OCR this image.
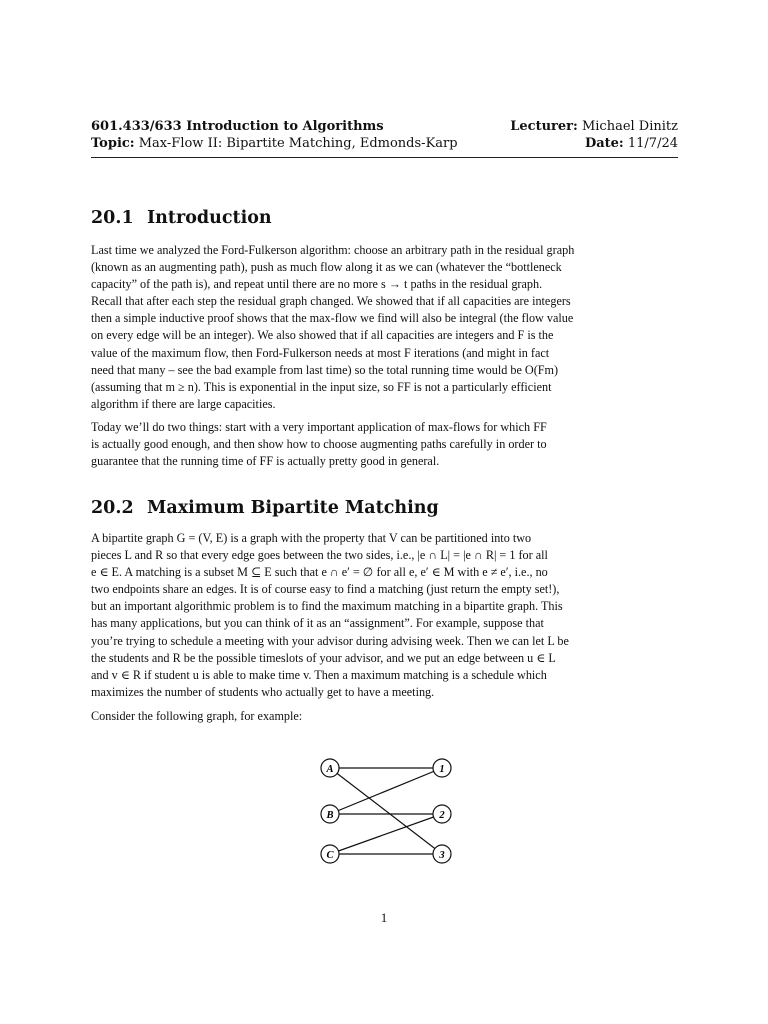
601.433/633 Introduction to Algorithms
Topic: Max-Flow II: Bipartite Matching, Edmonds-Karp
Lecturer: Michael Dinitz
Date: 11/7/24
20.1 Introduction
Last time we analyzed the Ford-Fulkerson algorithm: choose an arbitrary path in the residual graph
(known as an augmenting path), push as much flow along it as we can (whatever the “bottleneck
capacity” of the path is), and repeat until there are no more s → t paths in the residual graph.
Recall that after each step the residual graph changed. We showed that if all capacities are integers
then a simple inductive proof shows that the max-flow we find will also be integral (the flow value
on every edge will be an integer). We also showed that if all capacities are integers and F is the
value of the maximum flow, then Ford-Fulkerson needs at most F iterations (and might in fact
need that many – see the bad example from last time) so the total running time would be O(Fm)
(assuming that m ≥ n). This is exponential in the input size, so FF is not a particularly efficient
algorithm if there are large capacities.
Today we’ll do two things: start with a very important application of max-flows for which FF
is actually good enough, and then show how to choose augmenting paths carefully in order to
guarantee that the running time of FF is actually pretty good in general.
20.2 Maximum Bipartite Matching
A bipartite graph G = (V, E) is a graph with the property that V can be partitioned into two
pieces L and R so that every edge goes between the two sides, i.e., |e ∩ L| = |e ∩ R| = 1 for all
e ∈ E. A matching is a subset M ⊆ E such that e ∩ e′ = ∅ for all e, e′ ∈ M with e ≠ e′, i.e., no
two endpoints share an edges. It is of course easy to find a matching (just return the empty set!),
but an important algorithmic problem is to find the maximum matching in a bipartite graph. This
has many applications, but you can think of it as an “assignment”. For example, suppose that
you’re trying to schedule a meeting with your advisor during advising week. Then we can let L be
the students and R be the possible timeslots of your advisor, and we put an edge between u ∈ L
and v ∈ R if student u is able to make time v. Then a maximum matching is a schedule which
maximizes the number of students who actually get to have a meeting.
Consider the following graph, for example:
A
B
C
1
2
3
1
